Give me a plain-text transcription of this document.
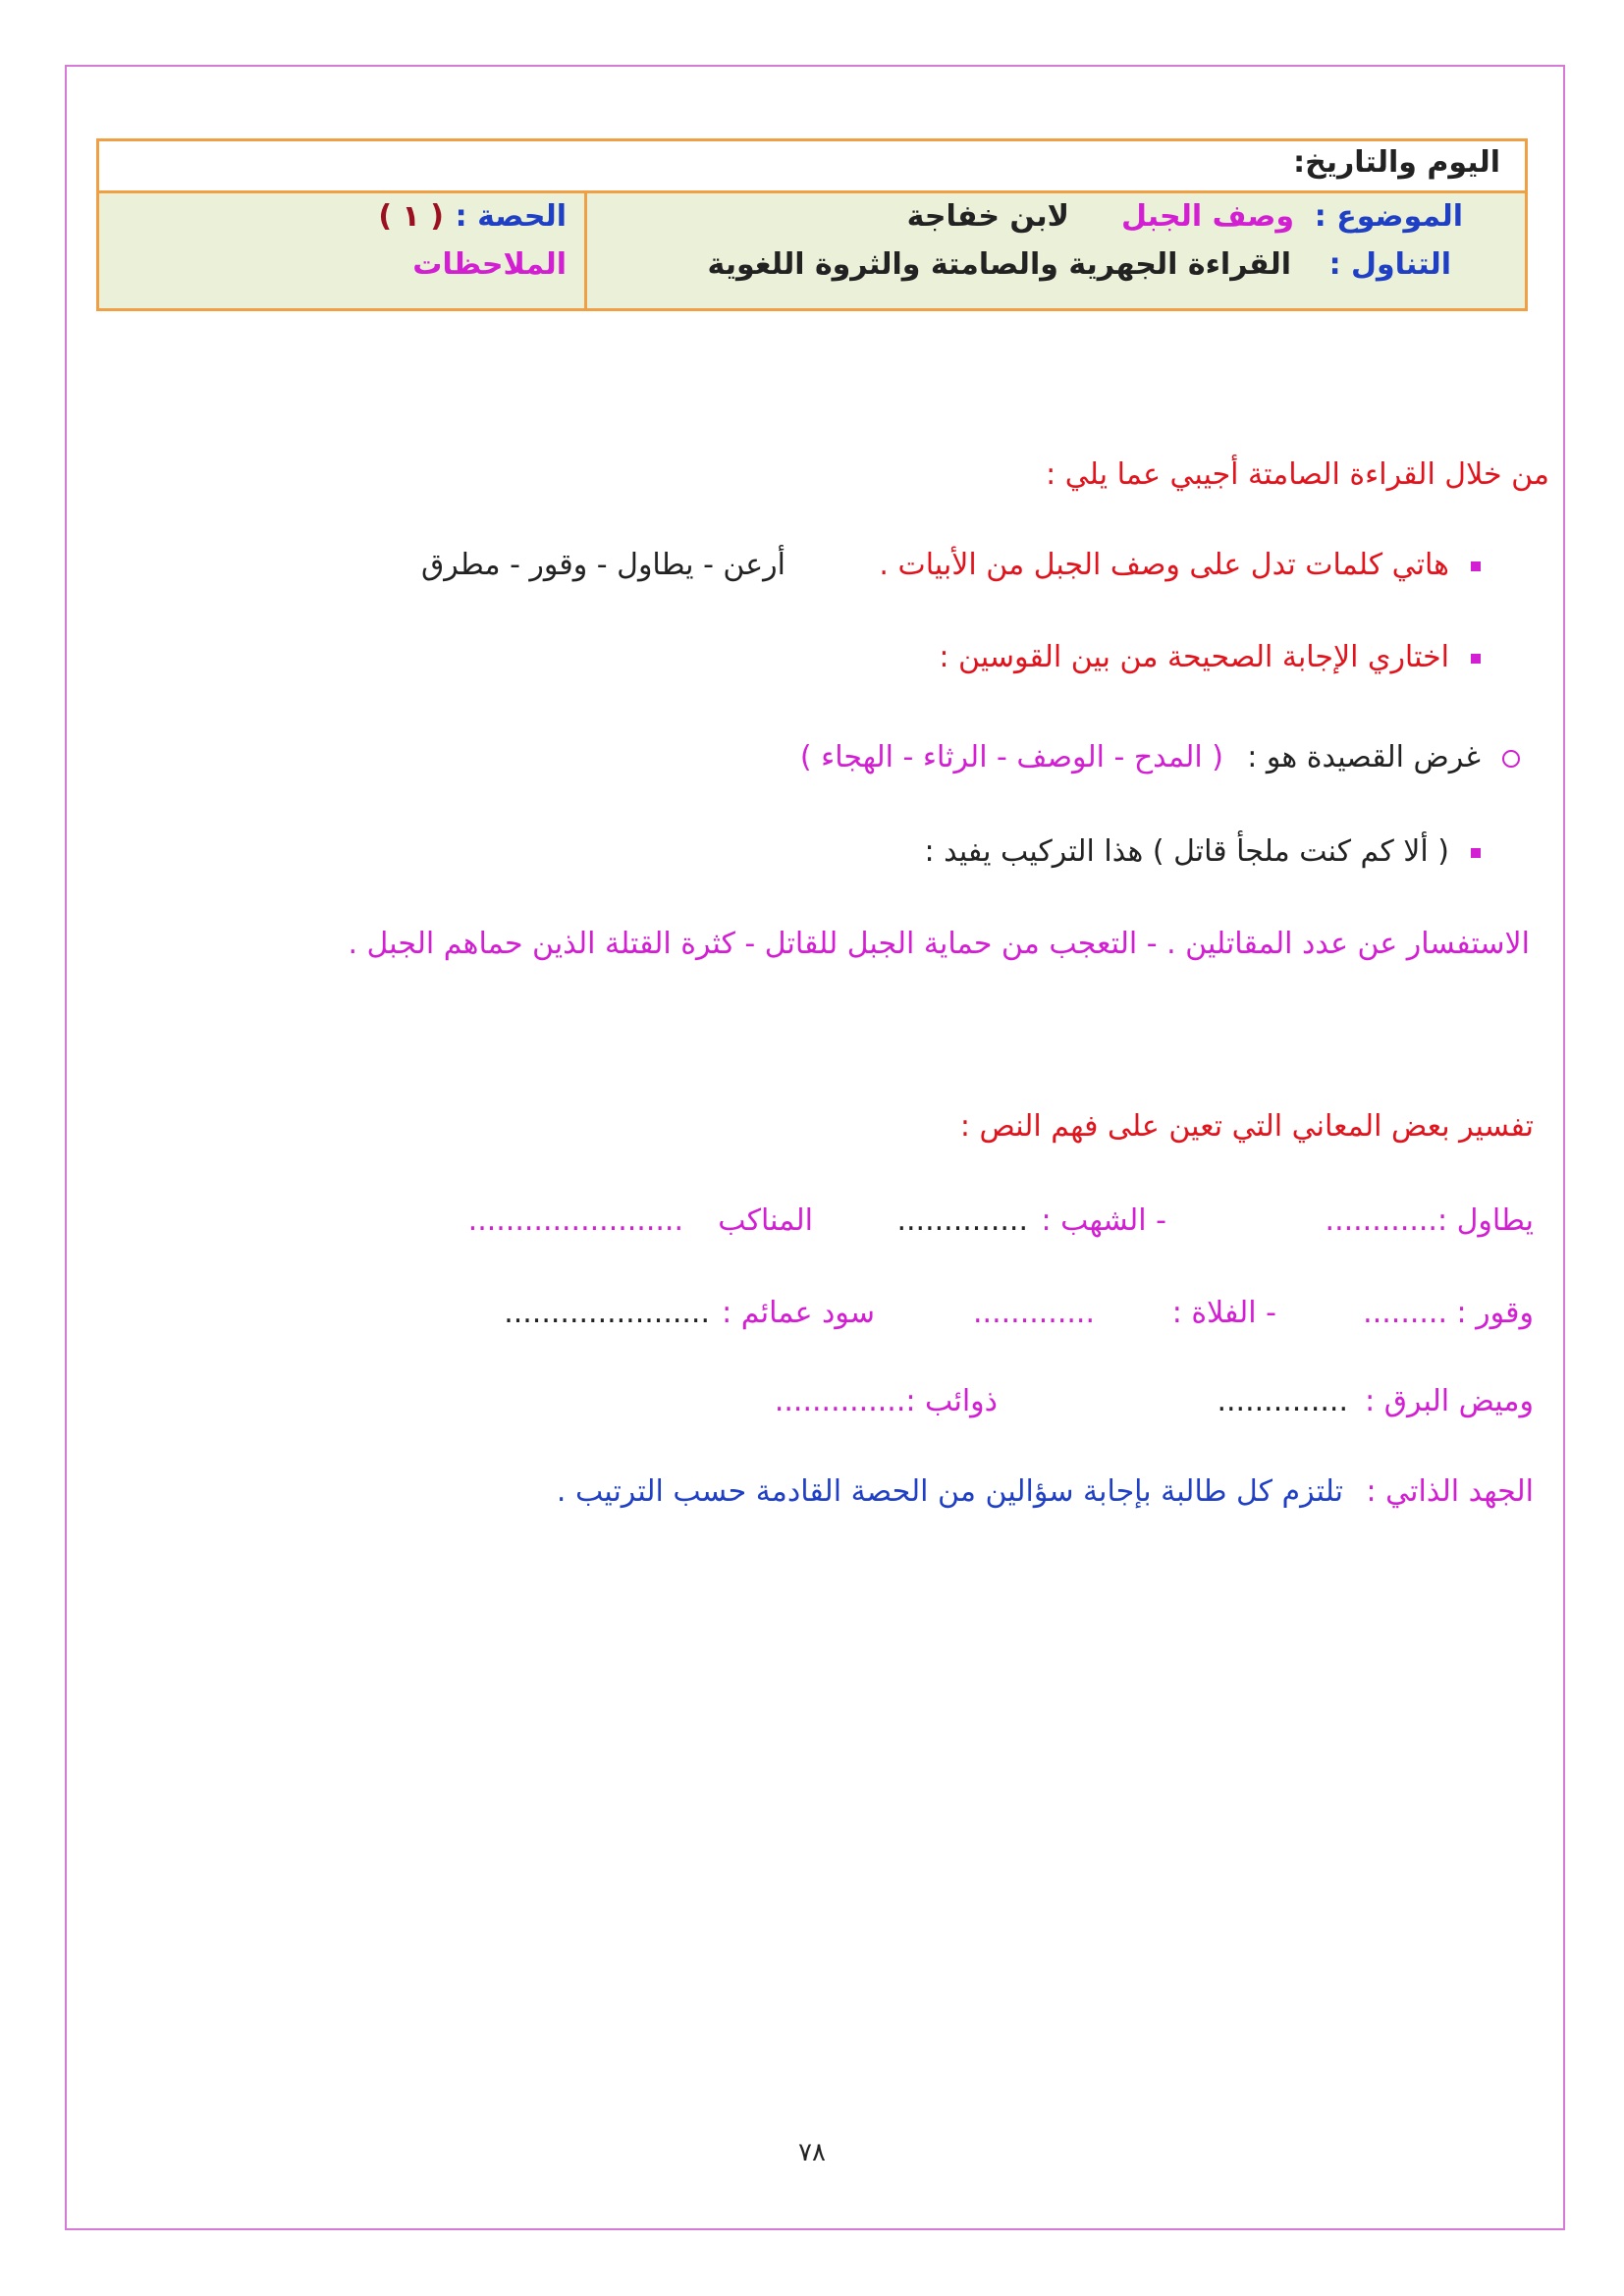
اليوم والتاريخ:
الموضوع :
وصف الجبل
لابن خفاجة
التناول :
القراءة الجهرية والصامتة والثروة اللغوية
الحصة :
( ١ )
الملاحظات
من خلال القراءة الصامتة أجيبي عما يلي :
هاتي كلمات تدل على وصف الجبل من الأبيات .
أرعن - يطاول - وقور - مطرق
اختاري الإجابة الصحيحة من بين القوسين :
غرض القصيدة هو :
( المدح - الوصف - الرثاء - الهجاء )
( ألا كم كنت ملجأ قاتل ) هذا التركيب يفيد :
الاستفسار عن عدد المقاتلين . - التعجب من حماية الجبل للقاتل - كثرة القتلة الذين حماهم الجبل .
تفسير بعض المعاني التي تعين على فهم النص :
يطاول :............
- الشهب :
..............
المناكب
.......................
وقور : .........
- الفلاة :
.............
سود عمائم :
......................
وميض البرق :
..............
ذوائب :..............
الجهد الذاتي :
تلتزم كل طالبة بإجابة سؤالين من الحصة القادمة حسب الترتيب .
٧٨
